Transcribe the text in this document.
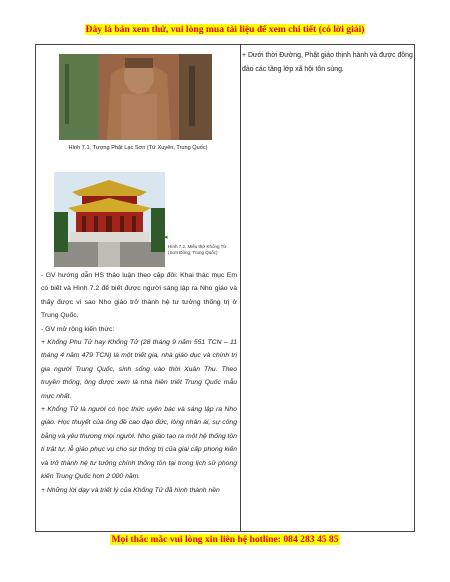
Đây là bản xem thử, vui lòng mua tài liệu để xem chi tiết (có lời giải)
Hình 7.1. Tượng Phật Lạc Sơn (Tứ Xuyên, Trung Quốc)
◂
Hình 7.2. Miếu thờ Khổng Tử
(Sơn Đông, Trung Quốc)

- GV hướng dẫn HS thảo luận theo cặp đôi: Khai thác mục Em có biết và Hình 7.2 để biết được người sáng lập ra Nho giáo và thấy được vì sao Nho giáo trở thành hệ tư tưởng thống trị ở Trung Quốc.

- GV mở rộng kiến thức:

+ Khổng Phu Tử hay Khổng Tử (28 tháng 9 năm 551 TCN – 11 tháng 4 năm 479 TCN) là một triết gia, nhà giáo dục và chính trị gia người Trung Quốc, sinh sống vào thời Xuân Thu. Theo truyền thống, ông được xem là nhà hiền triết Trung Quốc mẫu mực nhất.

+ Khổng Tử là người có học thức uyên bác và sáng lập ra Nho giáo. Học thuyết của ông đề cao đạo đức, lòng nhân ái, sự công bằng và yêu thương mọi người. Nho giáo tạo ra một hệ thống tôn ti trật tự, lễ giáo phục vụ cho sự thống trị của giai cấp phong kiến và trở thành hệ tư tưởng chính thống tồn tại trong lịch sử phong kiến Trung Quốc hơn 2 000 năm.

+ Những lời dạy và triết lý của Khổng Tử đã hình thành nền

+ Dưới thời Đường, Phật giáo thịnh hành và được đông đảo các tầng lớp xã hội tôn sùng.

Mọi thắc mắc vui lòng xin liên hệ hotline: 084 283 45 85
